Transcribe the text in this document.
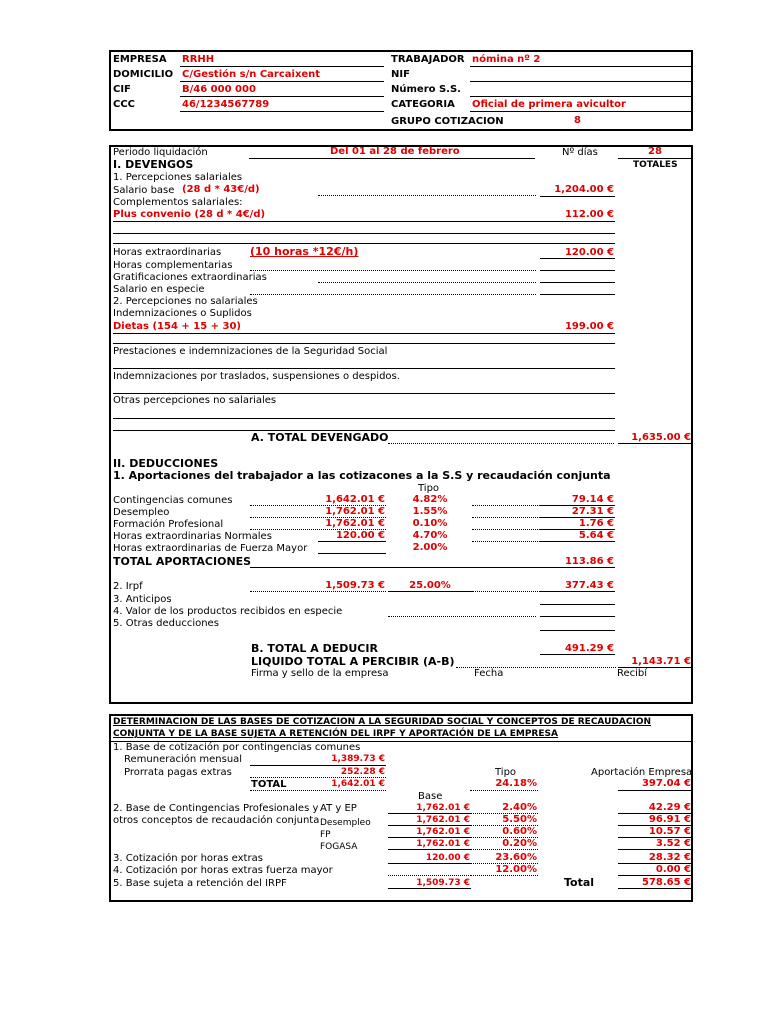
EMPRESA RRHH	TRABAJADOR nómina nº 2
DOMICILIO C/Gestión s/n Carcaixent	NIF
CIF	B/46 000 000	Número S.S.
CCC	46/1234567789	CATEGORIA Oficial de primera avicultor
GRUPO COTIZACION	8
Periodo liquidación	Del 01 al 28 de febrero	Nº días	28
TOTALES
I. DEVENGOS
1. Percepciones salariales
Salario base (28 d * 43€/d)	1,204.00 €
Complementos salariales:
Plus convenio (28 d * 4€/d)	112.00 €
Horas extraordinarias	(10 horas *12€/h)	120.00 €
Horas complementarias
Gratificaciones extraordinarias
Salario en especie
2. Percepciones no salariales
Indemnizaciones o Suplidos
Dietas (154 + 15 + 30)	199.00 €
Prestaciones e indemnizaciones de la Seguridad Social
Indemnizaciones por traslados, suspensiones o despidos.
Otras percepciones no salariales
A. TOTAL DEVENGADO	1,635.00 €
II. DEDUCCIONES
1. Aportaciones del trabajador a las cotizacones a la S.S y recaudación conjunta
Tipo
Contingencias comunes	1,642.01 €	4.82%	79.14 €
Desempleo	1,762.01 €	1.55%	27.31 €
Formación Profesional	1,762.01 €	0.10%	1.76 €
Horas extraordinarias Normales	120.00 €	4.70%	5.64 €
Horas extraordinarias de Fuerza Mayor	2.00%
TOTAL APORTACIONES	113.86 €
2. Irpf	1,509.73 €	25.00%	377.43 €
3. Anticipos
4. Valor de los productos recibidos en especie
5. Otras deducciones
B. TOTAL A DEDUCIR	491.29 €
LIQUIDO TOTAL A PERCIBIR (A-B)	1,143.71 €
Firma y sello de la empresa	Fecha	Recibí
DETERMINACION DE LAS BASES DE COTIZACION A LA SEGURIDAD SOCIAL Y CONCEPTOS DE RECAUDACION
CONJUNTA Y DE LA BASE SUJETA A RETENCIÓN DEL IRPF Y APORTACIÓN DE LA EMPRESA
1. Base de cotización por contingencias comunes
Remuneración mensual	1,389.73 €
Prorrata pagas extras	252.28 €	Tipo	Aportación Empresa
TOTAL	1,642.01 €	24.18%	397.04 €
Base
2. Base de Contingencias Profesionales y
otros conceptos de recaudación conjunta
AT y EP	1,762.01 €	2.40%	42.29 €
Desempleo	1,762.01 €	5.50%	96.91 €
FP	1,762.01 €	0.60%	10.57 €
FOGASA	1,762.01 €	0.20%	3.52 €
3. Cotización por horas extras	120.00 €	23.60%	28.32 €
4. Cotización por horas extras fuerza mayor	12.00%	0.00 €
5. Base sujeta a retención del IRPF	1,509.73 €	Total	578.65 €
